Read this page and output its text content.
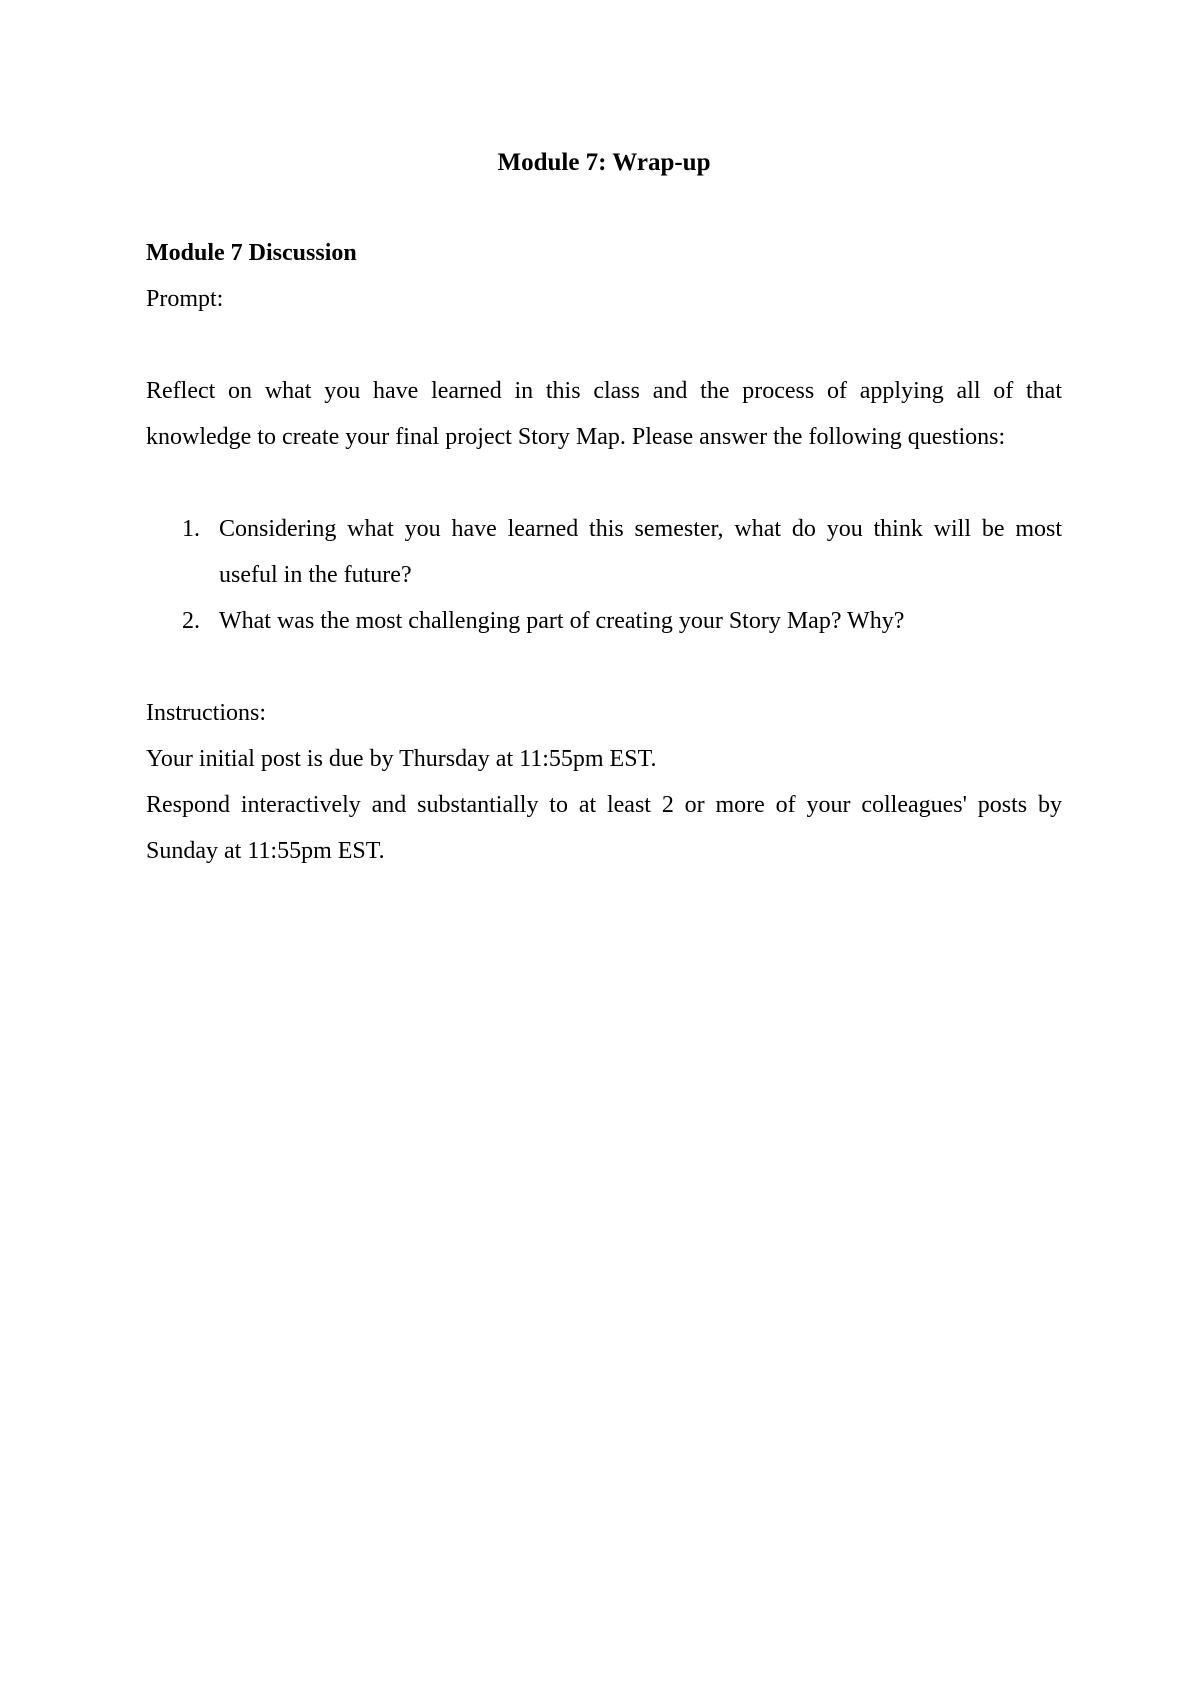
Module 7: Wrap-up

Module 7 Discussion

Prompt:

Reflect on what you have learned in this class and the process of applying all of that knowledge to create your final project Story Map. Please answer the following questions:

1. Considering what you have learned this semester, what do you think will be most useful in the future?
2. What was the most challenging part of creating your Story Map? Why?

Instructions:

Your initial post is due by Thursday at 11:55pm EST.

Respond interactively and substantially to at least 2 or more of your colleagues' posts by Sunday at 11:55pm EST.
